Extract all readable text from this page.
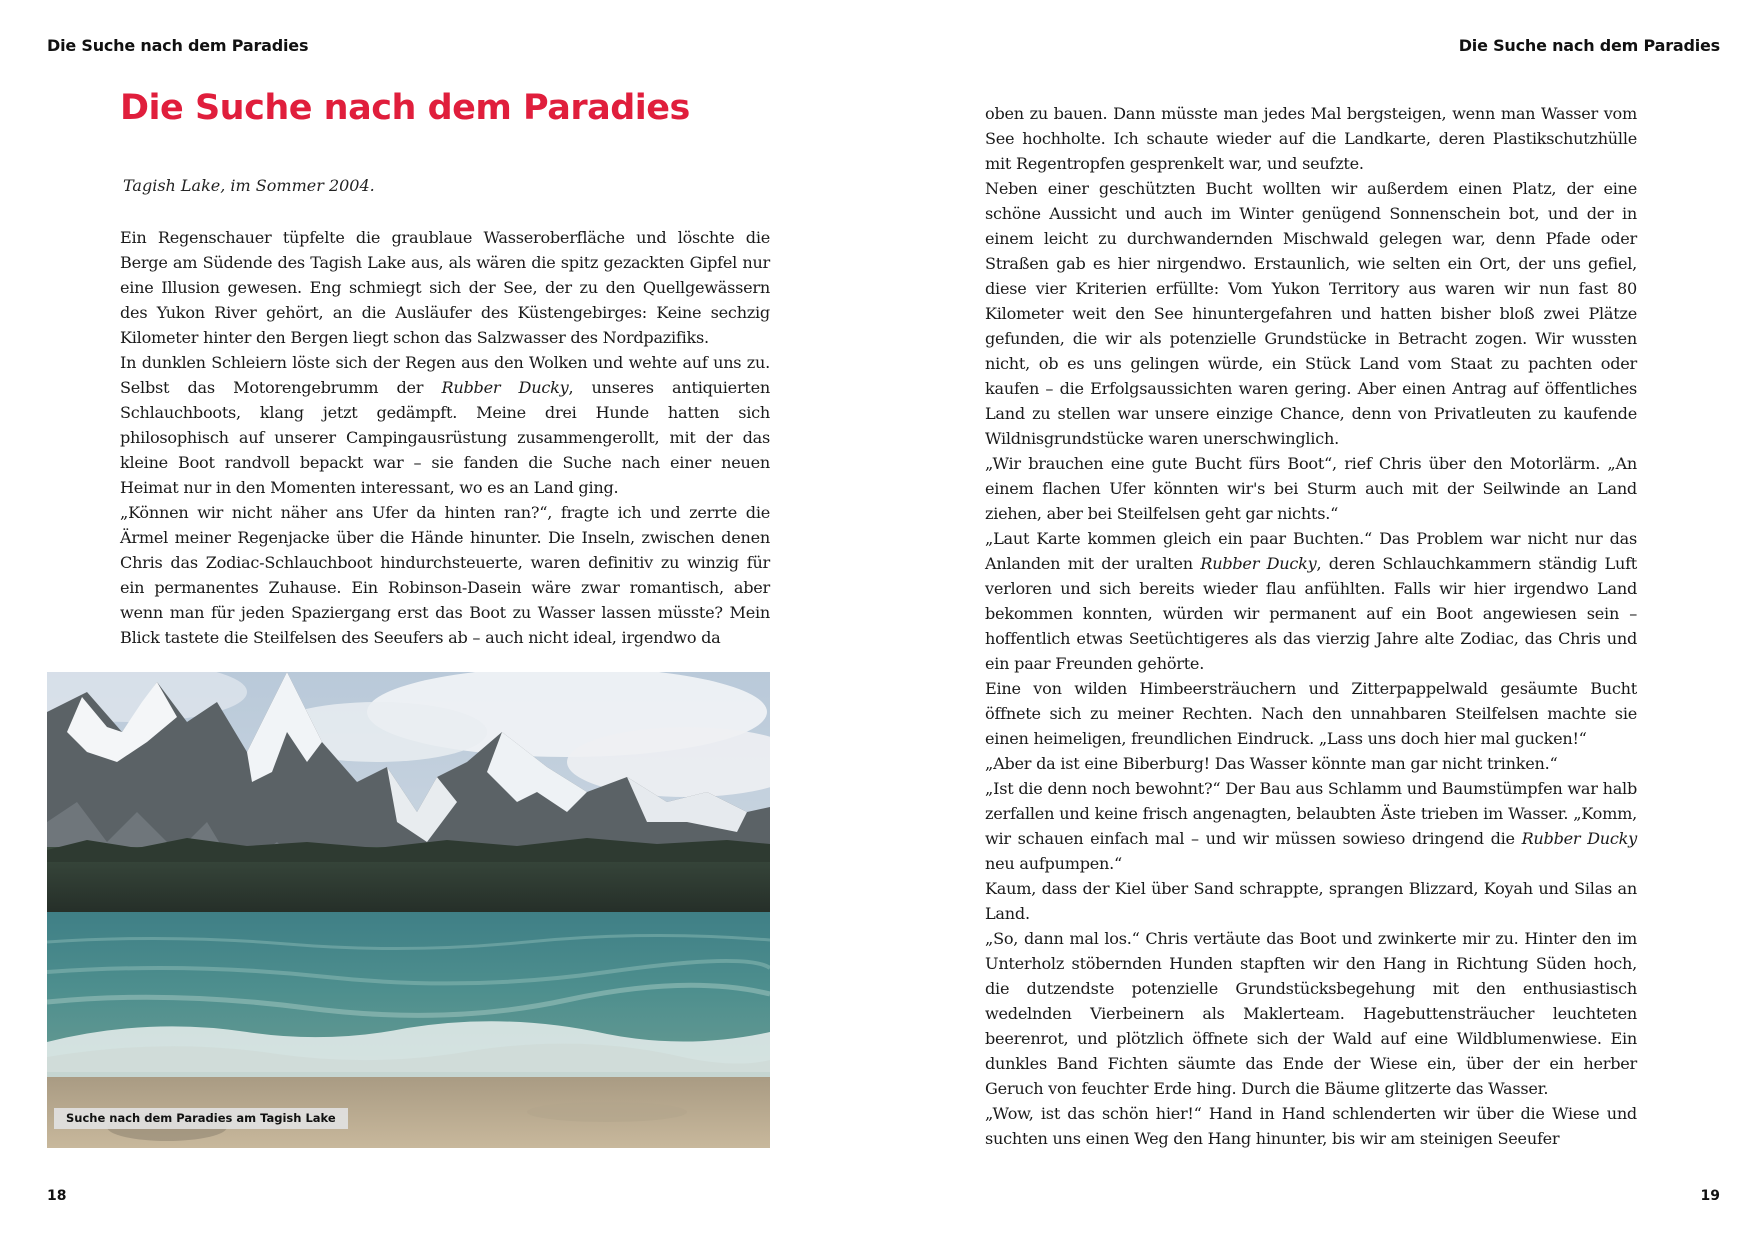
Die Suche nach dem Paradies	Die Suche nach dem Paradies
Die Suche nach dem Paradies

Tagish Lake, im Sommer 2004.

Ein Regenschauer tüpfelte die graublaue Wasseroberfläche und löschte die Berge am Südende des Tagish Lake aus, als wären die spitz gezackten Gipfel nur eine Illusion gewesen. Eng schmiegt sich der See, der zu den Quellgewässern des Yukon River gehört, an die Ausläufer des Küstengebirges: Keine sechzig Kilometer hinter den Bergen liegt schon das Salzwasser des Nordpazifiks.

In dunklen Schleiern löste sich der Regen aus den Wolken und wehte auf uns zu. Selbst das Motorengebrumm der Rubber Ducky, unseres antiquierten Schlauchboots, klang jetzt gedämpft. Meine drei Hunde hatten sich philosophisch auf unserer Campingausrüstung zusammengerollt, mit der das kleine Boot randvoll bepackt war – sie fanden die Suche nach einer neuen Heimat nur in den Momenten interessant, wo es an Land ging.

„Können wir nicht näher ans Ufer da hinten ran?“, fragte ich und zerrte die Ärmel meiner Regenjacke über die Hände hinunter. Die Inseln, zwischen denen Chris das Zodiac-Schlauchboot hindurchsteuerte, waren definitiv zu winzig für ein permanentes Zuhause. Ein Robinson-Dasein wäre zwar romantisch, aber wenn man für jeden Spaziergang erst das Boot zu Wasser lassen müsste? Mein Blick tastete die Steilfelsen des Seeufers ab – auch nicht ideal, irgendwo da

Suche nach dem Paradies am Tagish Lake

oben zu bauen. Dann müsste man jedes Mal bergsteigen, wenn man Wasser vom See hochholte. Ich schaute wieder auf die Landkarte, deren Plastikschutzhülle mit Regentropfen gesprenkelt war, und seufzte.

Neben einer geschützten Bucht wollten wir außerdem einen Platz, der eine schöne Aussicht und auch im Winter genügend Sonnenschein bot, und der in einem leicht zu durchwandernden Mischwald gelegen war, denn Pfade oder Straßen gab es hier nirgendwo. Erstaunlich, wie selten ein Ort, der uns gefiel, diese vier Kriterien erfüllte: Vom Yukon Territory aus waren wir nun fast 80 Kilometer weit den See hinuntergefahren und hatten bisher bloß zwei Plätze gefunden, die wir als potenzielle Grundstücke in Betracht zogen. Wir wussten nicht, ob es uns gelingen würde, ein Stück Land vom Staat zu pachten oder kaufen – die Erfolgsaussichten waren gering. Aber einen Antrag auf öffentliches Land zu stellen war unsere einzige Chance, denn von Privatleuten zu kaufende Wildnisgrundstücke waren unerschwinglich.

„Wir brauchen eine gute Bucht fürs Boot“, rief Chris über den Motorlärm. „An einem flachen Ufer könnten wir's bei Sturm auch mit der Seilwinde an Land ziehen, aber bei Steilfelsen geht gar nichts.“

„Laut Karte kommen gleich ein paar Buchten.“ Das Problem war nicht nur das Anlanden mit der uralten Rubber Ducky, deren Schlauchkammern ständig Luft verloren und sich bereits wieder flau anfühlten. Falls wir hier irgendwo Land bekommen konnten, würden wir permanent auf ein Boot angewiesen sein – hoffentlich etwas Seetüchtigeres als das vierzig Jahre alte Zodiac, das Chris und ein paar Freunden gehörte.

Eine von wilden Himbeersträuchern und Zitterpappelwald gesäumte Bucht öffnete sich zu meiner Rechten. Nach den unnahbaren Steilfelsen machte sie einen heimeligen, freundlichen Eindruck. „Lass uns doch hier mal gucken!“

„Aber da ist eine Biberburg! Das Wasser könnte man gar nicht trinken.“

„Ist die denn noch bewohnt?“ Der Bau aus Schlamm und Baumstümpfen war halb zerfallen und keine frisch angenagten, belaubten Äste trieben im Wasser. „Komm, wir schauen einfach mal – und wir müssen sowieso dringend die Rubber Ducky neu aufpumpen.“

Kaum, dass der Kiel über Sand schrappte, sprangen Blizzard, Koyah und Silas an Land.

„So, dann mal los.“ Chris vertäute das Boot und zwinkerte mir zu. Hinter den im Unterholz stöbernden Hunden stapften wir den Hang in Richtung Süden hoch, die dutzendste potenzielle Grundstücksbegehung mit den enthusiastisch wedelnden Vierbeinern als Maklerteam. Hagebuttensträucher leuchteten beerenrot, und plötzlich öffnete sich der Wald auf eine Wildblumenwiese. Ein dunkles Band Fichten säumte das Ende der Wiese ein, über der ein herber Geruch von feuchter Erde hing. Durch die Bäume glitzerte das Wasser.

„Wow, ist das schön hier!“ Hand in Hand schlenderten wir über die Wiese und suchten uns einen Weg den Hang hinunter, bis wir am steinigen Seeufer

18	19
